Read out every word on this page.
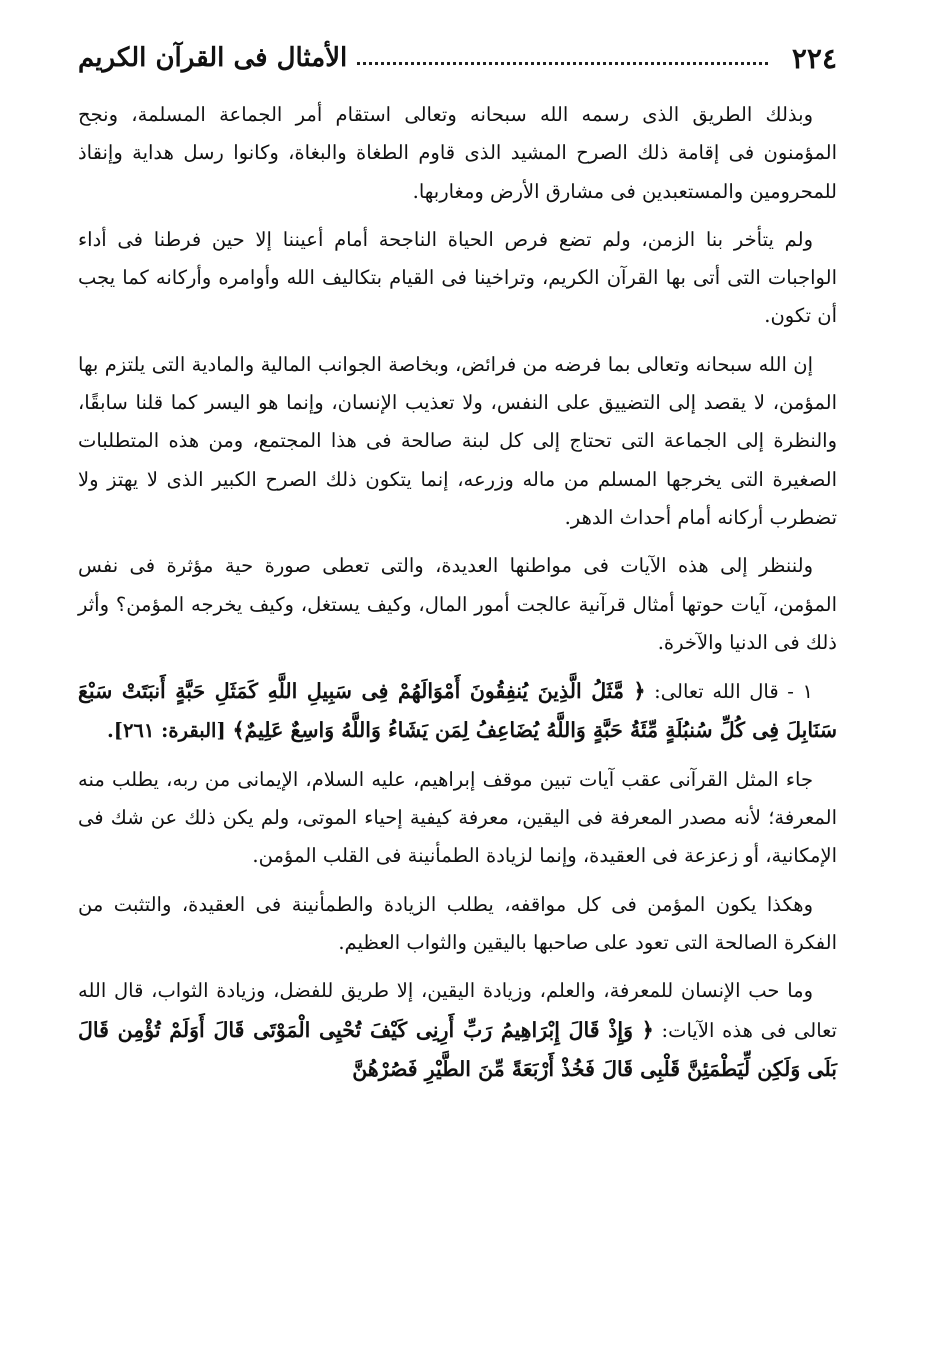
٢٢٤
الأمثال فى القرآن الكريم

وبذلك الطريق الذى رسمه الله سبحانه وتعالى استقام أمر الجماعة المسلمة، ونجح المؤمنون فى إقامة ذلك الصرح المشيد الذى قاوم الطغاة والبغاة، وكانوا رسل هداية وإنقاذ للمحرومين والمستعبدين فى مشارق الأرض ومغاربها.

ولم يتأخر بنا الزمن، ولم تضع فرص الحياة الناجحة أمام أعيننا إلا حين فرطنا فى أداء الواجبات التى أتى بها القرآن الكريم، وتراخينا فى القيام بتكاليف الله وأوامره وأركانه كما يجب أن تكون.

إن الله سبحانه وتعالى بما فرضه من فرائض، وبخاصة الجوانب المالية والمادية التى يلتزم بها المؤمن، لا يقصد إلى التضييق على النفس، ولا تعذيب الإنسان، وإنما هو اليسر كما قلنا سابقًا، والنظرة إلى الجماعة التى تحتاج إلى كل لبنة صالحة فى هذا المجتمع، ومن هذه المتطلبات الصغيرة التى يخرجها المسلم من ماله وزرعه، إنما يتكون ذلك الصرح الكبير الذى لا يهتز ولا تضطرب أركانه أمام أحداث الدهر.

ولننظر إلى هذه الآيات فى مواطنها العديدة، والتى تعطى صورة حية مؤثرة فى نفس المؤمن، آيات حوتها أمثال قرآنية عالجت أمور المال، وكيف يستغل، وكيف يخرجه المؤمن؟ وأثر ذلك فى الدنيا والآخرة.

١ - قال الله تعالى: ﴿ مَّثَلُ الَّذِينَ يُنفِقُونَ أَمْوَالَهُمْ فِى سَبِيلِ اللَّهِ كَمَثَلِ حَبَّةٍ أَنبَتَتْ سَبْعَ سَنَابِلَ فِى كُلِّ سُنبُلَةٍ مِّئَةُ حَبَّةٍ وَاللَّهُ يُضَاعِفُ لِمَن يَشَاءُ وَاللَّهُ وَاسِعٌ عَلِيمٌ﴾ [البقرة: ٢٦١].

جاء المثل القرآنى عقب آيات تبين موقف إبراهيم، عليه السلام، الإيمانى من ربه، يطلب منه المعرفة؛ لأنه مصدر المعرفة فى اليقين، معرفة كيفية إحياء الموتى، ولم يكن ذلك عن شك فى الإمكانية، أو زعزعة فى العقيدة، وإنما لزيادة الطمأنينة فى القلب المؤمن.

وهكذا يكون المؤمن فى كل مواقفه، يطلب الزيادة والطمأنينة فى العقيدة، والتثبت من الفكرة الصالحة التى تعود على صاحبها باليقين والثواب العظيم.

وما حب الإنسان للمعرفة، والعلم، وزيادة اليقين، إلا طريق للفضل، وزيادة الثواب، قال الله تعالى فى هذه الآيات: ﴿ وَإِذْ قَالَ إِبْرَاهِيمُ رَبِّ أَرِنِى كَيْفَ تُحْيِى الْمَوْتَى قَالَ أَوَلَمْ تُؤْمِن قَالَ بَلَى وَلَكِن لِّيَطْمَئِنَّ قَلْبِى قَالَ فَخُذْ أَرْبَعَةً مِّنَ الطَّيْرِ فَصُرْهُنَّ
